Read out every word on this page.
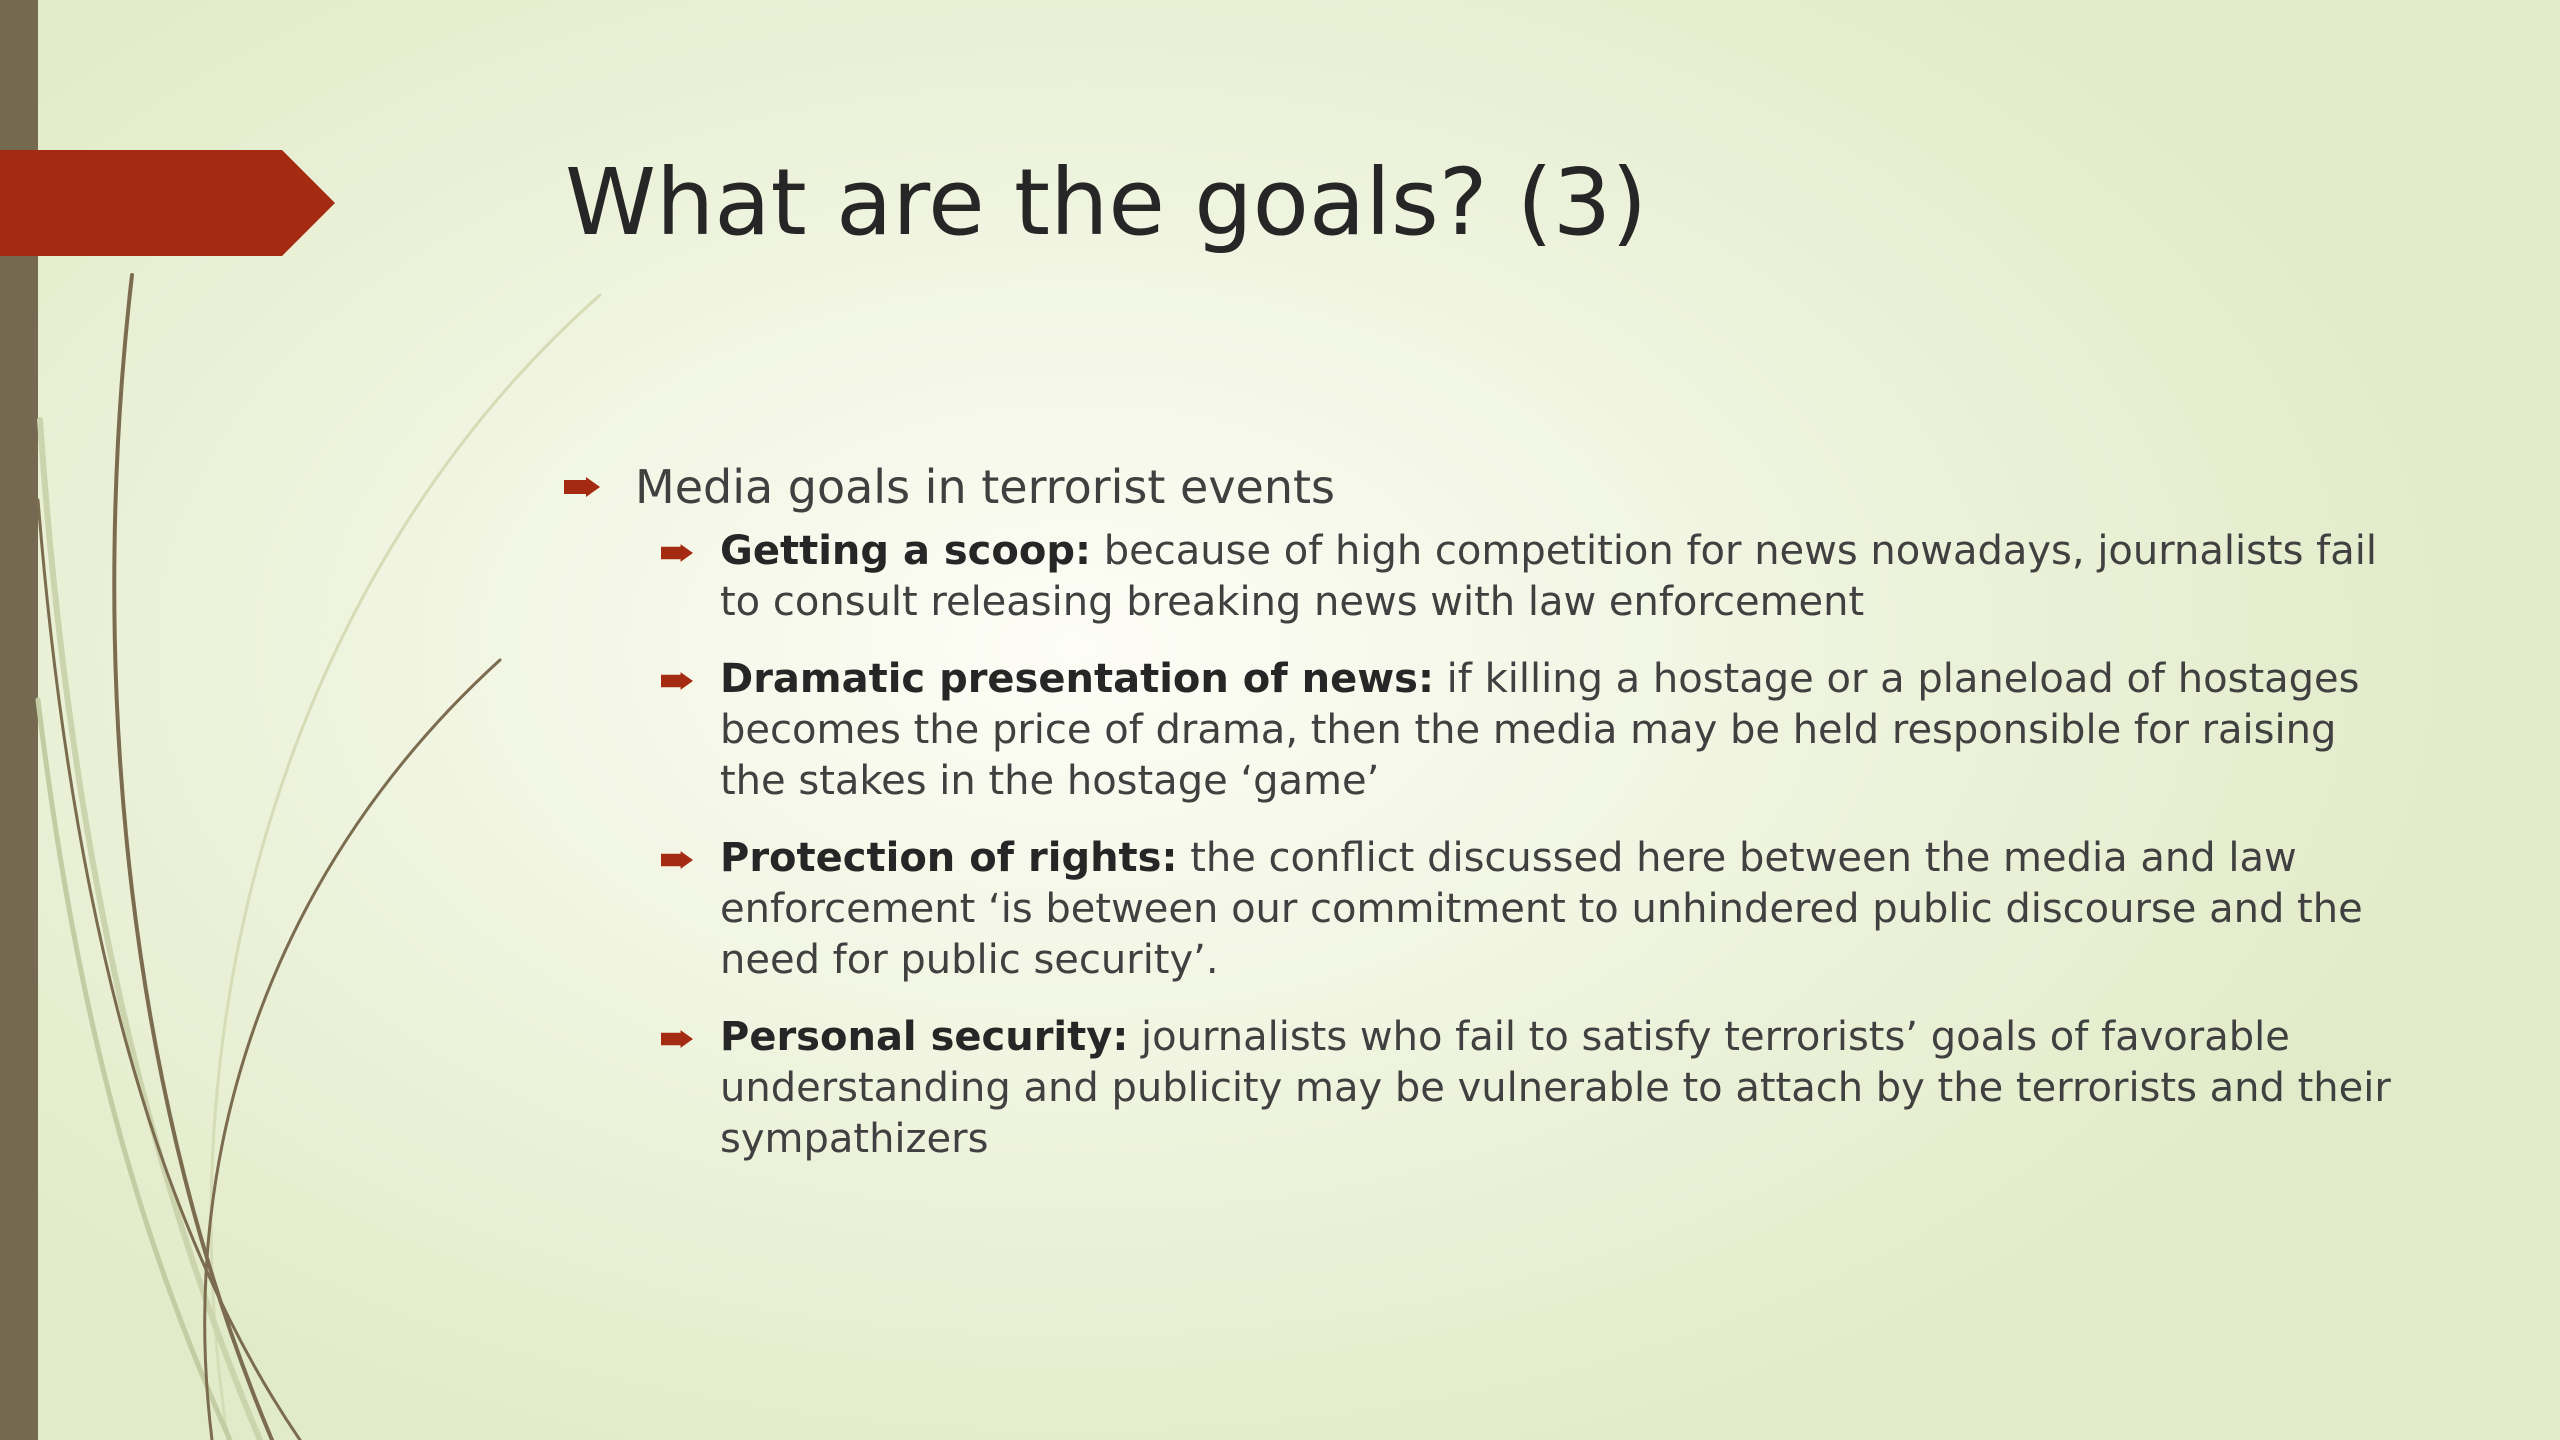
What are the goals? (3)
Media goals in terrorist events
Getting a scoop: because of high competition for news nowadays, journalists fail to consult releasing breaking news with law enforcement
Dramatic presentation of news: if killing a hostage or a planeload of hostages becomes the price of drama, then the media may be held responsible for raising the stakes in the hostage ‘game’
Protection of rights: the conflict discussed here between the media and law enforcement ‘is between our commitment to unhindered public discourse and the need for public security’.
Personal security: journalists who fail to satisfy terrorists’ goals of favorable understanding and publicity may be vulnerable to attach by the terrorists and their sympathizers
